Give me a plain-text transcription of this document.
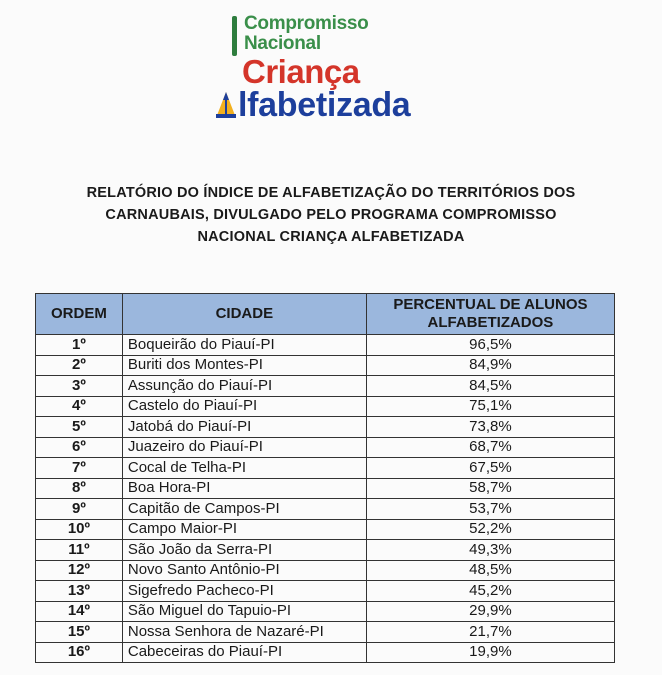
Compromisso
Nacional
Criança
lfabetizada
RELATÓRIO DO ÍNDICE DE ALFABETIZAÇÃO DO TERRITÓRIOS DOS
CARNAUBAIS, DIVULGADO PELO PROGRAMA COMPROMISSO
NACIONAL CRIANÇA ALFABETIZADA
ORDEM	CIDADE	PERCENTUAL DE ALUNOS ALFABETIZADOS
1º	Boqueirão do Piauí-PI	96,5%
2º	Buriti dos Montes-PI	84,9%
3º	Assunção do Piauí-PI	84,5%
4º	Castelo do Piauí-PI	75,1%
5º	Jatobá do Piauí-PI	73,8%
6º	Juazeiro do Piauí-PI	68,7%
7º	Cocal de Telha-PI	67,5%
8º	Boa Hora-PI	58,7%
9º	Capitão de Campos-PI	53,7%
10º	Campo Maior-PI	52,2%
11º	São João da Serra-PI	49,3%
12º	Novo Santo Antônio-PI	48,5%
13º	Sigefredo Pacheco-PI	45,2%
14º	São Miguel do Tapuio-PI	29,9%
15º	Nossa Senhora de Nazaré-PI	21,7%
16º	Cabeceiras do Piauí-PI	19,9%
